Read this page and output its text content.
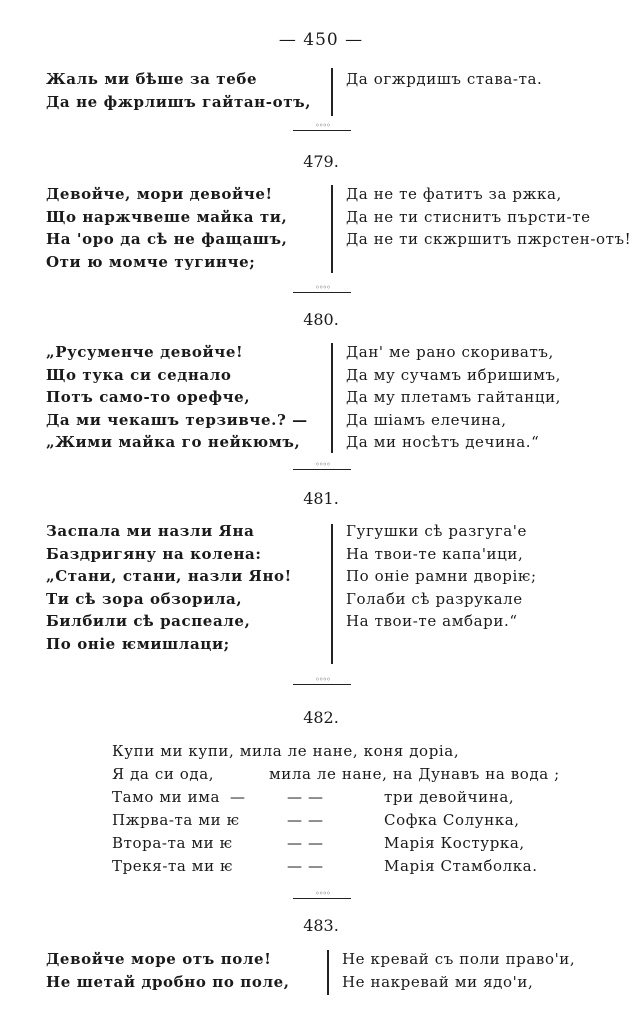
— 450 —
Жаль ми бѣше за тебе
Да не фжрлишъ гайтан-отъ,
Да огжрдишъ става-та.
◦◦◦◦
479.
Девойче, мори девойче!
Що наржчвеше майка ти,
На 'оро да сѣ не фащашъ,
Оти ю момче тугинче;
Да не те фатитъ за ржка,
Да не ти стиснитъ пърсти-те
Да не ти скжршитъ пжрстен-отъ!
◦◦◦◦
480.
„Русуменче девойче!
Що тука си седнало
Потъ само-то орефче,
Да ми чекашъ терзивче.? —
„Жими майка го нейкюмъ,
Дан' ме рано скориватъ,
Да му сучамъ ибришимъ,
Да му плетамъ гайтанци,
Да шiамъ елечина,
Да ми носѣтъ дечина.“
◦◦◦◦
481.
Заспала ми назли Яна
Баздригяну на колена:
„Стани, стани, назли Яно!
Ти сѣ зора обзорила,
Билбили сѣ распеале,
По онiе ѥмишлаци;
Гугушки сѣ разгуга'е
На твои-те капа'ици,
По онiе рамни дворiѥ;
Голаби сѣ разрукале
На твои-те амбари.“
◦◦◦◦
482.
Купи ми купи, мила ле нане, коня дорiа,
Я да си ода,	мила ле нане, на Дунавъ на вода ;
Тамо ми има —	— —	три девойчина,
Пжрва-та ми ѥ	— —	Софка Солунка,
Втора-та ми ѥ	— —	Марiя Костурка,
Трекя-та ми ѥ	— —	Марiя Стамболка.
◦◦◦◦
483.
Девойче море отъ поле!
Не шетай дробно по поле,
Не кревай съ поли право'и,
Не накревай ми ядо'и,
